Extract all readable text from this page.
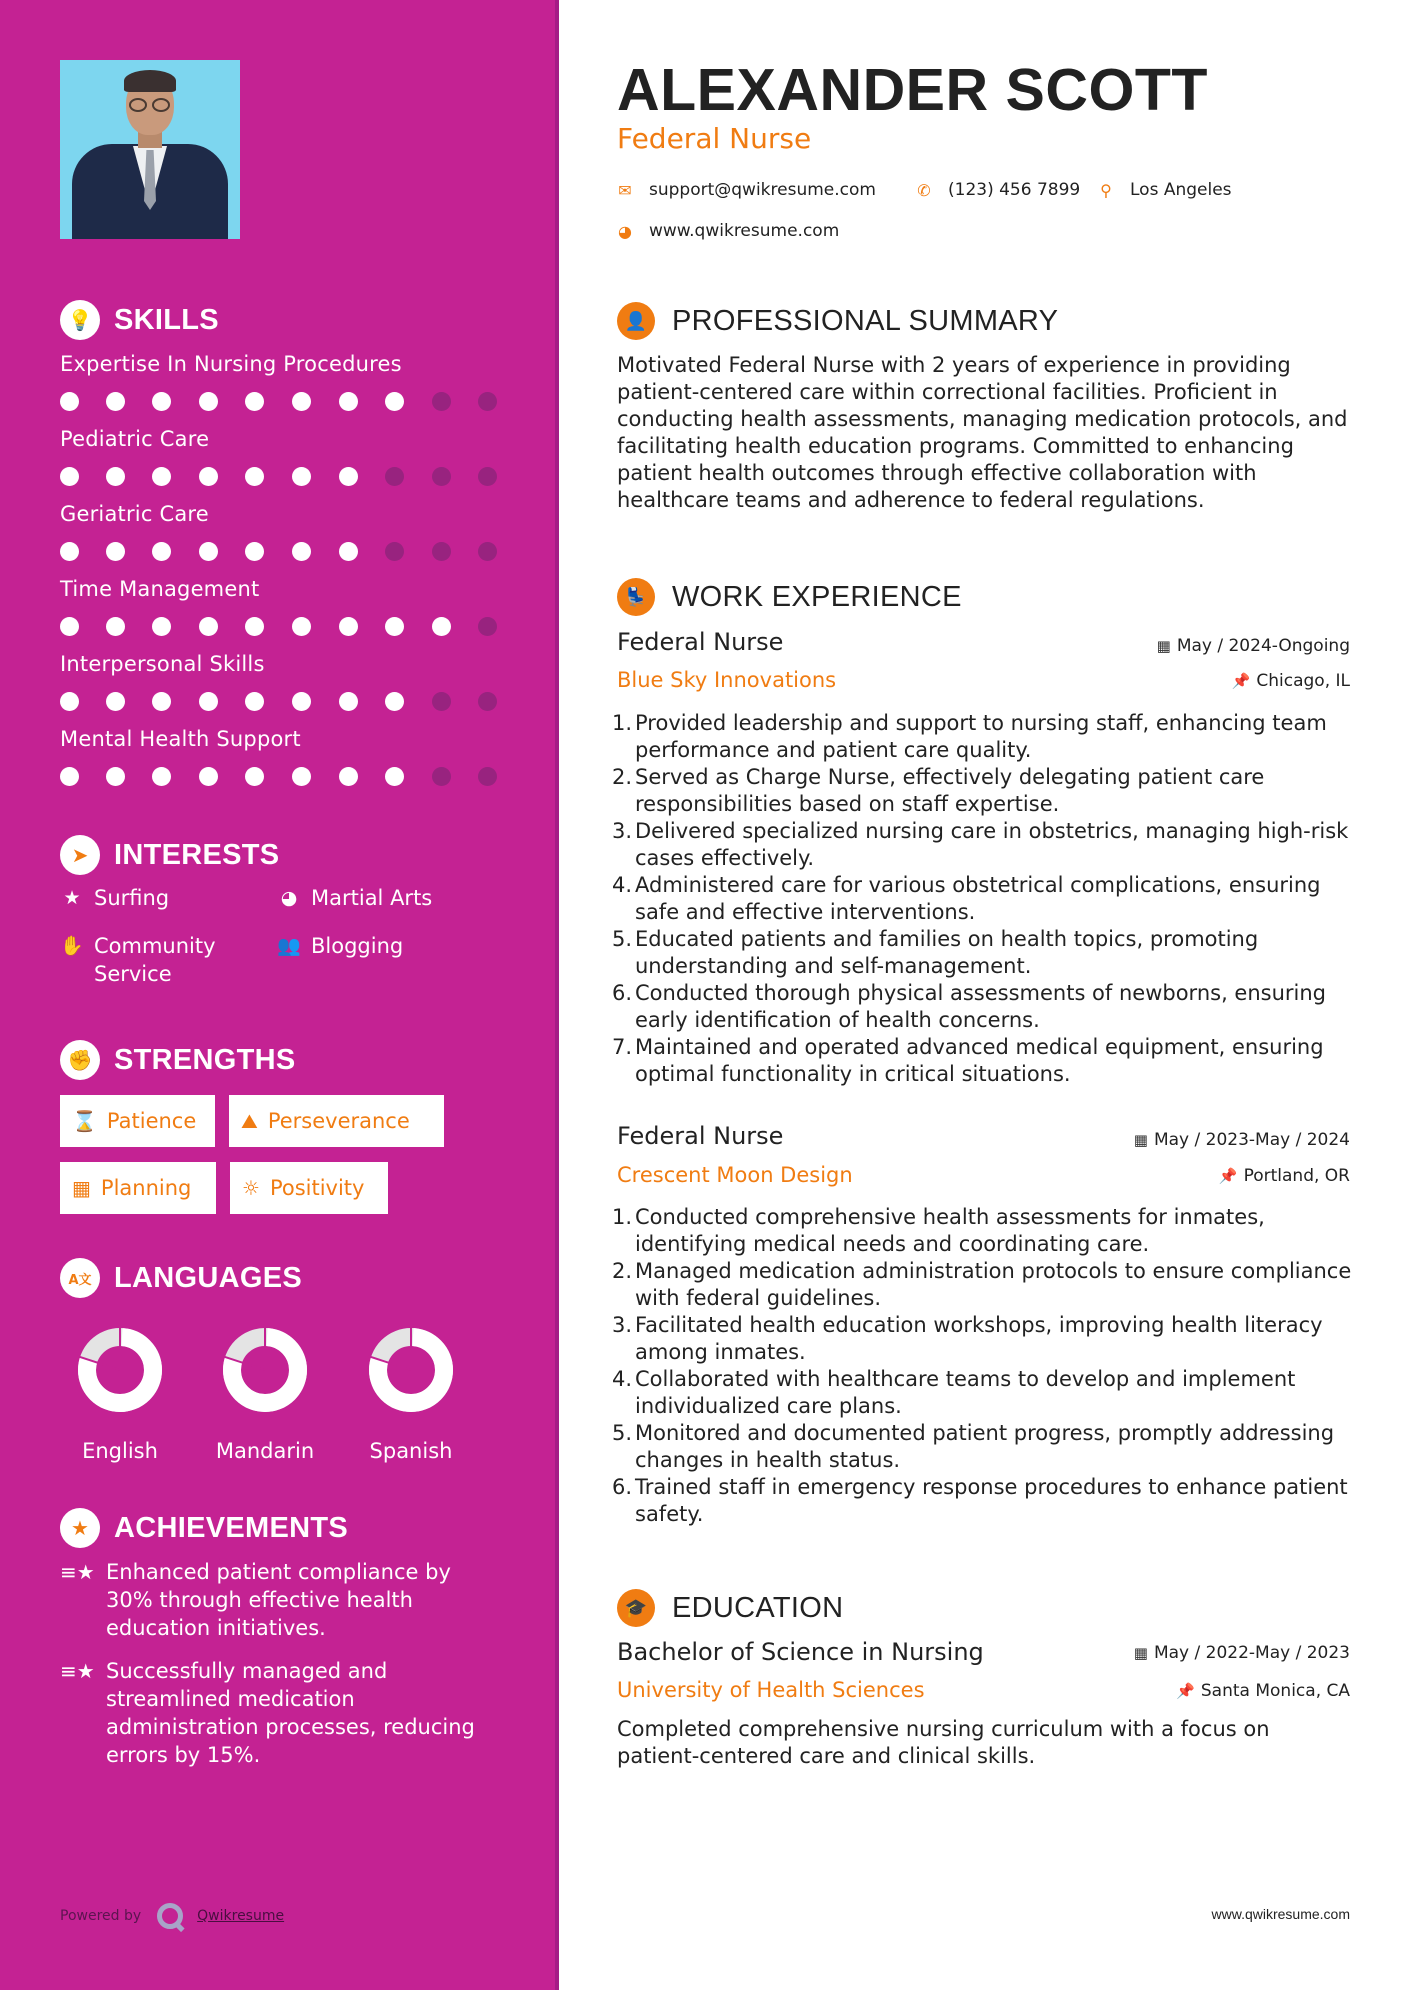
💡 SKILLS
Expertise In Nursing Procedures
Pediatric Care
Geriatric Care
Time Management
Interpersonal Skills
Mental Health Support
➤ INTERESTS
★ Surfing	◕ Martial Arts
✋ Community Service
👥 Blogging
✊ STRENGTHS
⌛ Patience ⛰ Perseverance
▦ Planning	☼ Positivity
A文 LANGUAGES
English	Mandarin	Spanish
★ ACHIEVEMENTS
≡★ Enhanced patient compliance by 30% through effective health education initiatives.
≡★ Successfully managed and streamlined medication administration processes, reducing errors by 15%.
Powered by	Qwikresume
ALEXANDER SCOTT
Federal Nurse
✉ support@qwikresume.com	✆ (123) 456 7899 ⚲ Los Angeles
◕ www.qwikresume.com
👤 PROFESSIONAL SUMMARY
Motivated Federal Nurse with 2 years of experience in providing patient-centered care within correctional facilities. Proficient in conducting health assessments, managing medication protocols, and facilitating health education programs. Committed to enhancing patient health outcomes through effective collaboration with healthcare teams and adherence to federal regulations.
💺 WORK EXPERIENCE
Federal Nurse	▦ May / 2024-Ongoing
Blue Sky Innovations	📌 Chicago, IL
1. Provided leadership and support to nursing staff, enhancing team performance and patient care quality.
2. Served as Charge Nurse, effectively delegating patient care responsibilities based on staff expertise.
3. Delivered specialized nursing care in obstetrics, managing high-risk cases effectively.
4. Administered care for various obstetrical complications, ensuring safe and effective interventions.
5. Educated patients and families on health topics, promoting understanding and self-management.
6. Conducted thorough physical assessments of newborns, ensuring early identification of health concerns.
7. Maintained and operated advanced medical equipment, ensuring optimal functionality in critical situations.
Federal Nurse	▦ May / 2023-May / 2024
Crescent Moon Design	📌 Portland, OR
1. Conducted comprehensive health assessments for inmates, identifying medical needs and coordinating care.
2. Managed medication administration protocols to ensure compliance with federal guidelines.
3. Facilitated health education workshops, improving health literacy among inmates.
4. Collaborated with healthcare teams to develop and implement individualized care plans.
5. Monitored and documented patient progress, promptly addressing changes in health status.
6. Trained staff in emergency response procedures to enhance patient safety.
🎓 EDUCATION
Bachelor of Science in Nursing	▦ May / 2022-May / 2023
University of Health Sciences	📌 Santa Monica, CA
Completed comprehensive nursing curriculum with a focus on patient-centered care and clinical skills.
www.qwikresume.com
